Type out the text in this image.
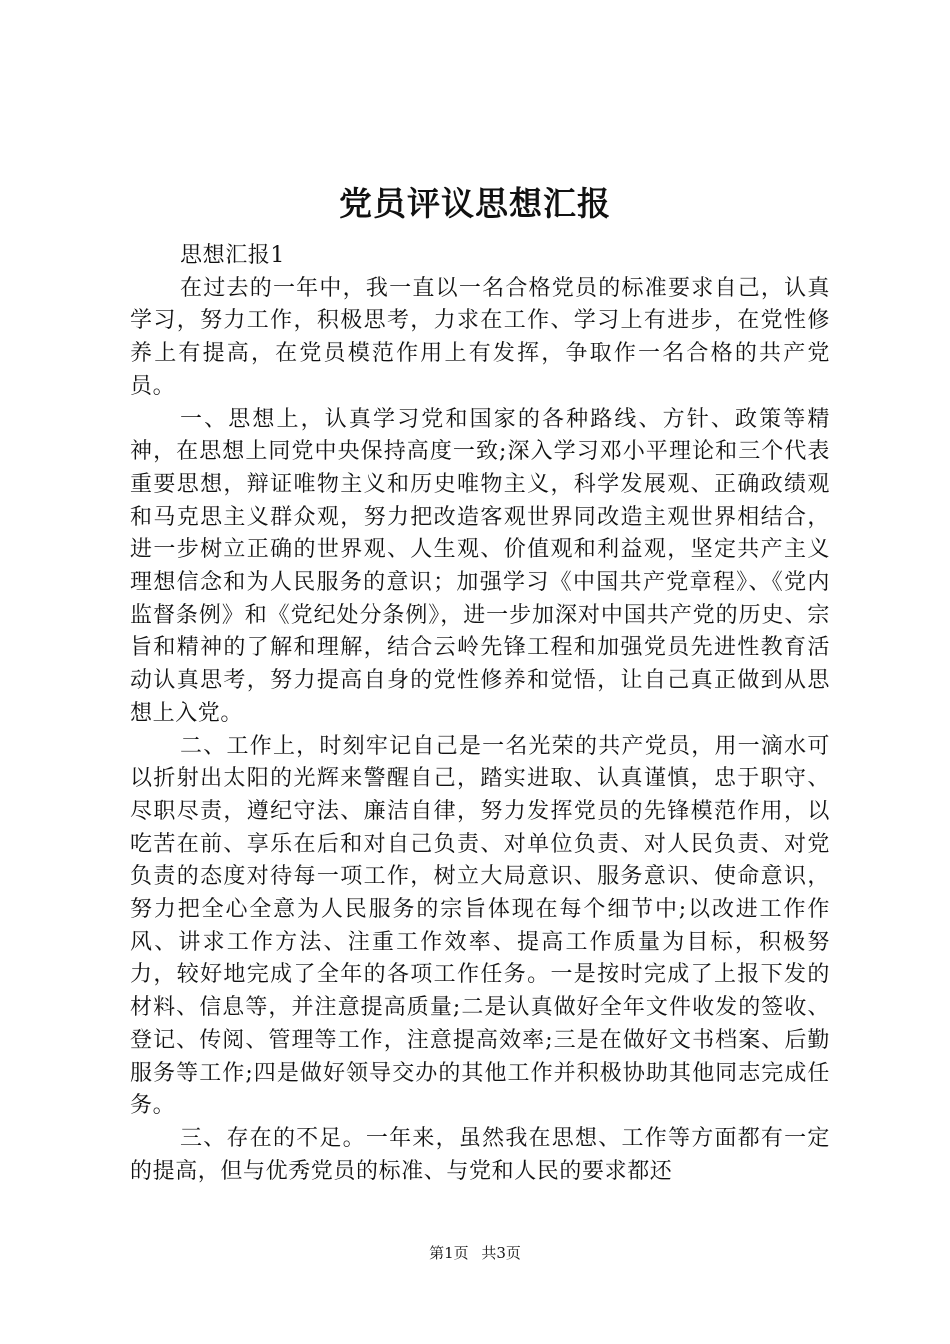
党员评议思想汇报

思想汇报1

在过去的一年中，我一直以一名合格党员的标准要求自己，认真学习，努力工作，积极思考，力求在工作、学习上有进步，在党性修养上有提高，在党员模范作用上有发挥，争取作一名合格的共产党员。

一、思想上，认真学习党和国家的各种路线、方针、政策等精神，在思想上同党中央保持高度一致;深入学习邓小平理论和三个代表重要思想，辩证唯物主义和历史唯物主义，科学发展观、正确政绩观和马克思主义群众观，努力把改造客观世界同改造主观世界相结合，进一步树立正确的世界观、人生观、价值观和利益观，坚定共产主义理想信念和为人民服务的意识；加强学习《中国共产党章程》、《党内监督条例》和《党纪处分条例》，进一步加深对中国共产党的历史、宗旨和精神的了解和理解，结合云岭先锋工程和加强党员先进性教育活动认真思考，努力提高自身的党性修养和觉悟，让自己真正做到从思想上入党。

二、工作上，时刻牢记自己是一名光荣的共产党员，用一滴水可以折射出太阳的光辉来警醒自己，踏实进取、认真谨慎，忠于职守、尽职尽责，遵纪守法、廉洁自律，努力发挥党员的先锋模范作用，以吃苦在前、享乐在后和对自己负责、对单位负责、对人民负责、对党负责的态度对待每一项工作，树立大局意识、服务意识、使命意识，努力把全心全意为人民服务的宗旨体现在每个细节中;以改进工作作风、讲求工作方法、注重工作效率、提高工作质量为目标，积极努力，较好地完成了全年的各项工作任务。一是按时完成了上报下发的材料、信息等，并注意提高质量;二是认真做好全年文件收发的签收、登记、传阅、管理等工作，注意提高效率;三是在做好文书档案、后勤服务等工作;四是做好领导交办的其他工作并积极协助其他同志完成任务。

三、存在的不足。一年来，虽然我在思想、工作等方面都有一定的提高，但与优秀党员的标准、与党和人民的要求都还

第1页 共3页
